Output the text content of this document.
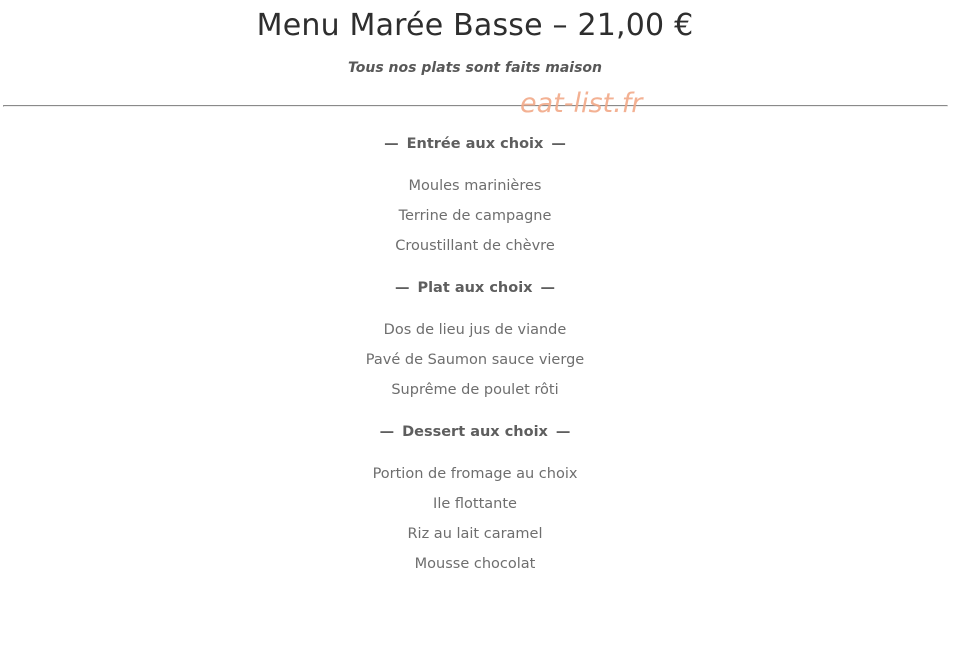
Menu Marée Basse – 21,00 €

Tous nos plats sont faits maison

eat-list.fr
— Entrée aux choix —
Moules marinières
Terrine de campagne
Croustillant de chèvre
— Plat aux choix —
Dos de lieu jus de viande
Pavé de Saumon sauce vierge
Suprême de poulet rôti
— Dessert aux choix —
Portion de fromage au choix
Ile flottante
Riz au lait caramel
Mousse chocolat
